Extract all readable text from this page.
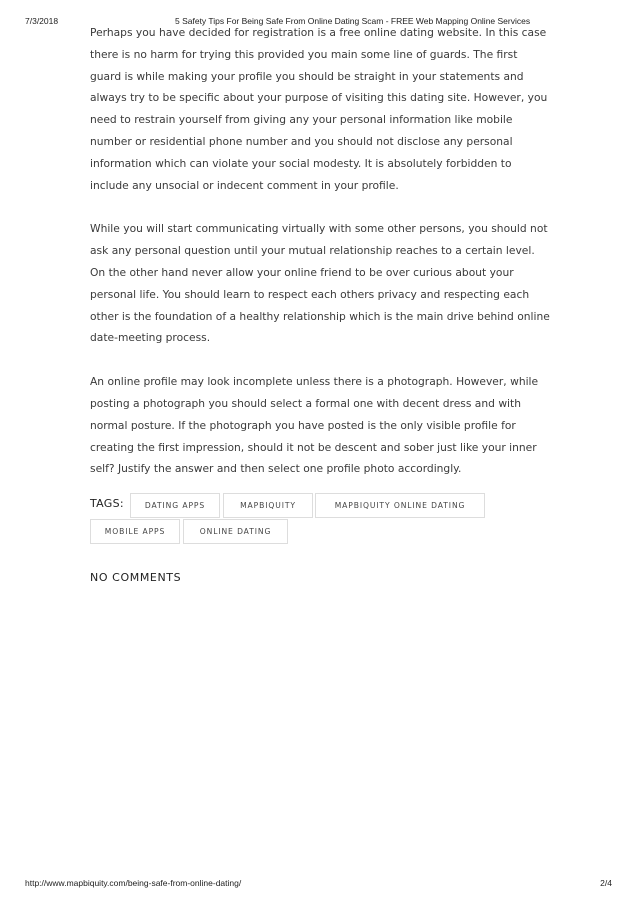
7/3/2018	5 Safety Tips For Being Safe From Online Dating Scam - FREE Web Mapping Online Services

Perhaps you have decided for registration is a free online dating website. In this case there is no harm for trying this provided you main some line of guards. The first guard is while making your profile you should be straight in your statements and always try to be specific about your purpose of visiting this dating site. However, you need to restrain yourself from giving any your personal information like mobile number or residential phone number and you should not disclose any personal information which can violate your social modesty. It is absolutely forbidden to include any unsocial or indecent comment in your profile.

While you will start communicating virtually with some other persons, you should not ask any personal question until your mutual relationship reaches to a certain level. On the other hand never allow your online friend to be over curious about your personal life. You should learn to respect each others privacy and respecting each other is the foundation of a healthy relationship which is the main drive behind online date-meeting process.

An online profile may look incomplete unless there is a photograph. However, while posting a photograph you should select a formal one with decent dress and with normal posture. If the photograph you have posted is the only visible profile for creating the first impression, should it not be descent and sober just like your inner self? Justify the answer and then select one profile photo accordingly.

TAGS:	DATING APPS	MAPBIQUITY	MAPBIQUITY ONLINE DATING
MOBILE APPS	ONLINE DATING
NO COMMENTS
http://www.mapbiquity.com/being-safe-from-online-dating/	2/4
